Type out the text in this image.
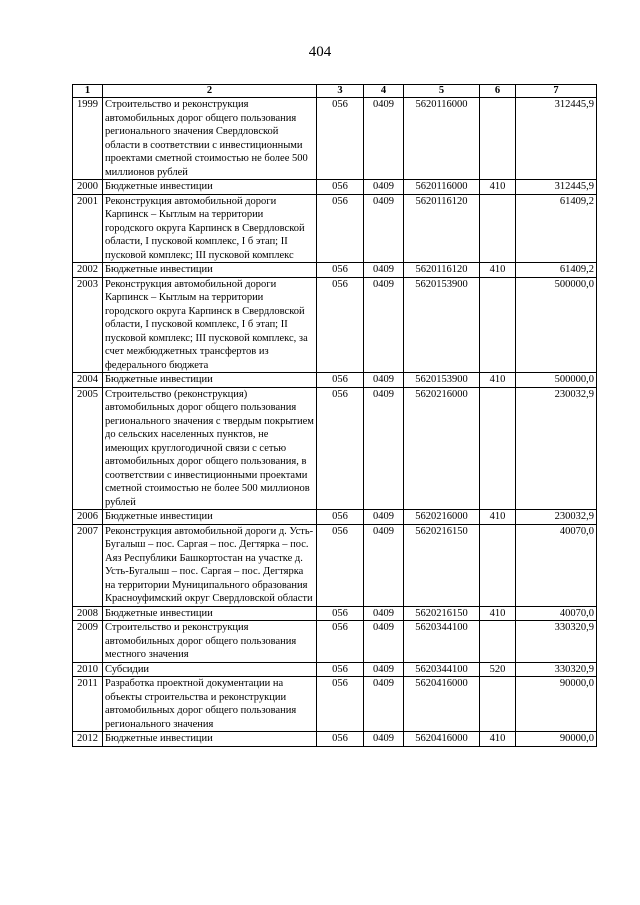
404
1	2	3	4	5	6	7
1999	Строительство и реконструкция автомобильных дорог общего пользования регионального значения Свердловской области в соответствии с инвестиционными проектами сметной стоимостью не более 500 миллионов рублей	056	0409	5620116000		312445,9
2000	Бюджетные инвестиции	056	0409	5620116000	410	312445,9
2001	Реконструкция автомобильной дороги Карпинск – Кытлым на территории городского округа Карпинск в Свердловской области, I пусковой комплекс, I б этап; II пусковой комплекс; III пусковой комплекс	056	0409	5620116120		61409,2
2002	Бюджетные инвестиции	056	0409	5620116120	410	61409,2
2003	Реконструкция автомобильной дороги Карпинск – Кытлым на территории городского округа Карпинск в Свердловской области, I пусковой комплекс, I б этап; II пусковой комплекс; III пусковой комплекс, за счет межбюджетных трансфертов из федерального бюджета	056	0409	5620153900		500000,0
2004	Бюджетные инвестиции	056	0409	5620153900	410	500000,0
2005	Строительство (реконструкция) автомобильных дорог общего пользования регионального значения с твердым покрытием до сельских населенных пунктов, не имеющих круглогодичной связи с сетью автомобильных дорог общего пользования, в соответствии с инвестиционными проектами сметной стоимостью не более 500 миллионов рублей	056	0409	5620216000		230032,9
2006	Бюджетные инвестиции	056	0409	5620216000	410	230032,9
2007	Реконструкция автомобильной дороги д. Усть-Бугалыш – пос. Саргая – пос. Дегтярка – пос. Аяз Республики Башкортостан на участке д. Усть-Бугалыш – пос. Саргая – пос. Дегтярка на территории Муниципального образования Красноуфимский округ Свердловской области	056	0409	5620216150		40070,0
2008	Бюджетные инвестиции	056	0409	5620216150	410	40070,0
2009	Строительство и реконструкция автомобильных дорог общего пользования местного значения	056	0409	5620344100		330320,9
2010	Субсидии	056	0409	5620344100	520	330320,9
2011	Разработка проектной документации на объекты строительства и реконструкции автомобильных дорог общего пользования регионального значения	056	0409	5620416000		90000,0
2012	Бюджетные инвестиции	056	0409	5620416000	410	90000,0
